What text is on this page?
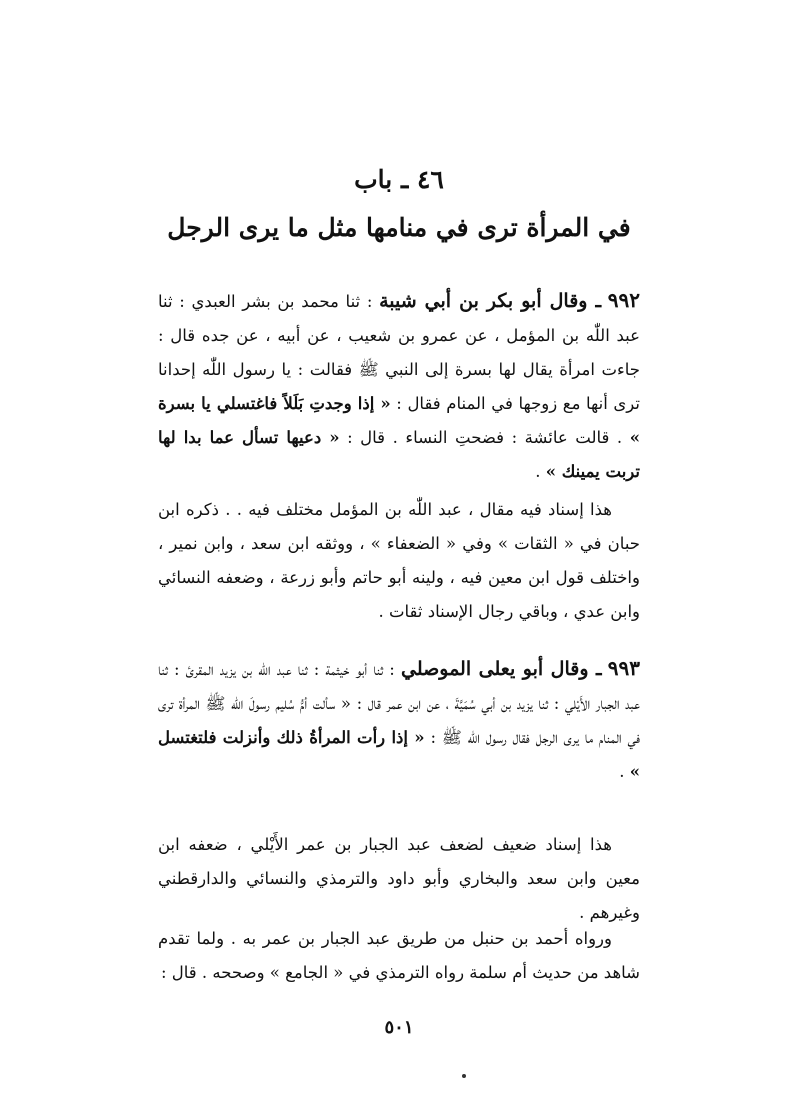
٤٦ ـ باب
في المرأة ترى في منامها مثل ما يرى الرجل

٩٩٢ ـ وقال أبو بكر بن أبي شيبة : ثنا محمد بن بشر العبدي : ثنا عبد اللّٰه بن المؤمل ، عن عمرو بن شعيب ، عن أبيه ، عن جده قال : جاءت امرأة يقال لها بسرة إلى النبي ﷺ فقالت : يا رسول اللّٰه إحدانا ترى أنها مع زوجها في المنام فقال : « إذا وجدتِ بَلَلاً فاغتسلي يا بسرة » . قالت عائشة : فضحتِ النساء . قال : « دعيها تسأل عما بدا لها تربت يمينك » .

هذا إسناد فيه مقال ، عبد اللّٰه بن المؤمل مختلف فيه . . ذكره ابن حبان في « الثقات » وفي « الضعفاء » ، ووثقه ابن سعد ، وابن نمير ، واختلف قول ابن معين فيه ، ولينه أبو حاتم وأبو زرعة ، وضعفه النسائي وابن عدي ، وباقي رجال الإسناد ثقات .

٩٩٣ ـ وقال أبو يعلى الموصلي : ثنا أبو خيثمة : ثنا عبد اللّٰه بن يزيد المقرئ : ثنا عبد الجبار الأَيْلي : ثنا يزيد بن أبي سُمَيَّةَ ، عن ابن عمر قال : « سألت أمُّ سُليم رسولَ اللّٰه ﷺ المرأة ترى في المنام ما يرى الرجل فقال رسول اللّٰه ﷺ : « إذا رأت المرأةُ ذلك وأنزلت فلتغتسل » .

هذا إسناد ضعيف لضعف عبد الجبار بن عمر الأَيْلي ، ضعفه ابن معين وابن سعد والبخاري وأبو داود والترمذي والنسائي والدارقطني وغيرهم .

ورواه أحمد بن حنبل من طريق عبد الجبار بن عمر به . ولما تقدم شاهد من حديث أم سلمة رواه الترمذي في « الجامع » وصححه . قال :

٥٠١
